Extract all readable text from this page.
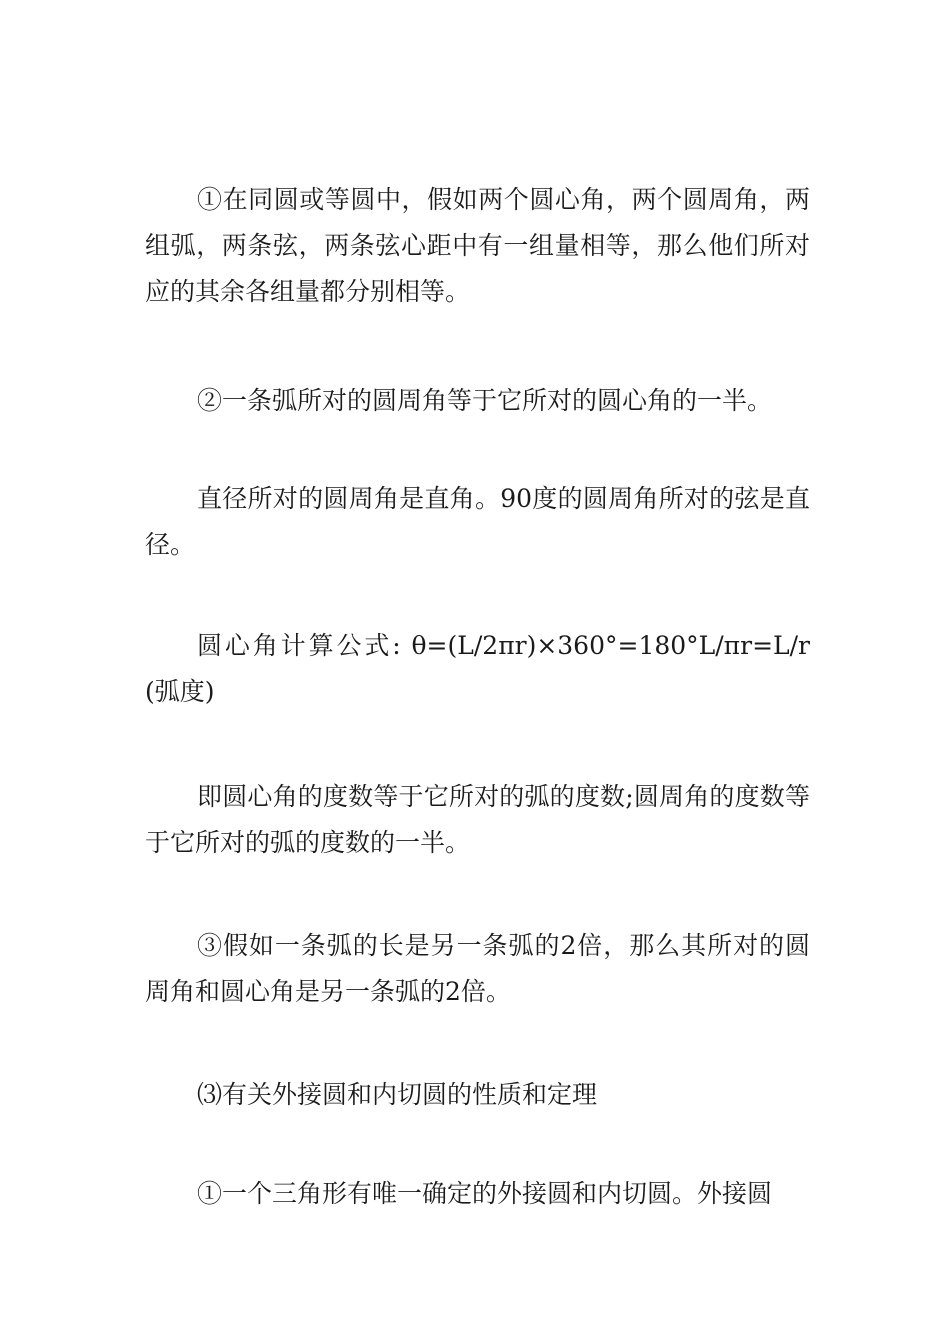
①在同圆或等圆中，假如两个圆心角，两个圆周角，两组弧，两条弦，两条弦心距中有一组量相等，那么他们所对应的其余各组量都分别相等。

②一条弧所对的圆周角等于它所对的圆心角的一半。

直径所对的圆周角是直角。90度的圆周角所对的弦是直径。

圆心角计算公式: θ=(L/2πr)×360°=180°L/πr=L/r(弧度)

即圆心角的度数等于它所对的弧的度数;圆周角的度数等于它所对的弧的度数的一半。

③假如一条弧的长是另一条弧的2倍，那么其所对的圆周角和圆心角是另一条弧的2倍。

⑶有关外接圆和内切圆的性质和定理

①一个三角形有唯一确定的外接圆和内切圆。外接圆
